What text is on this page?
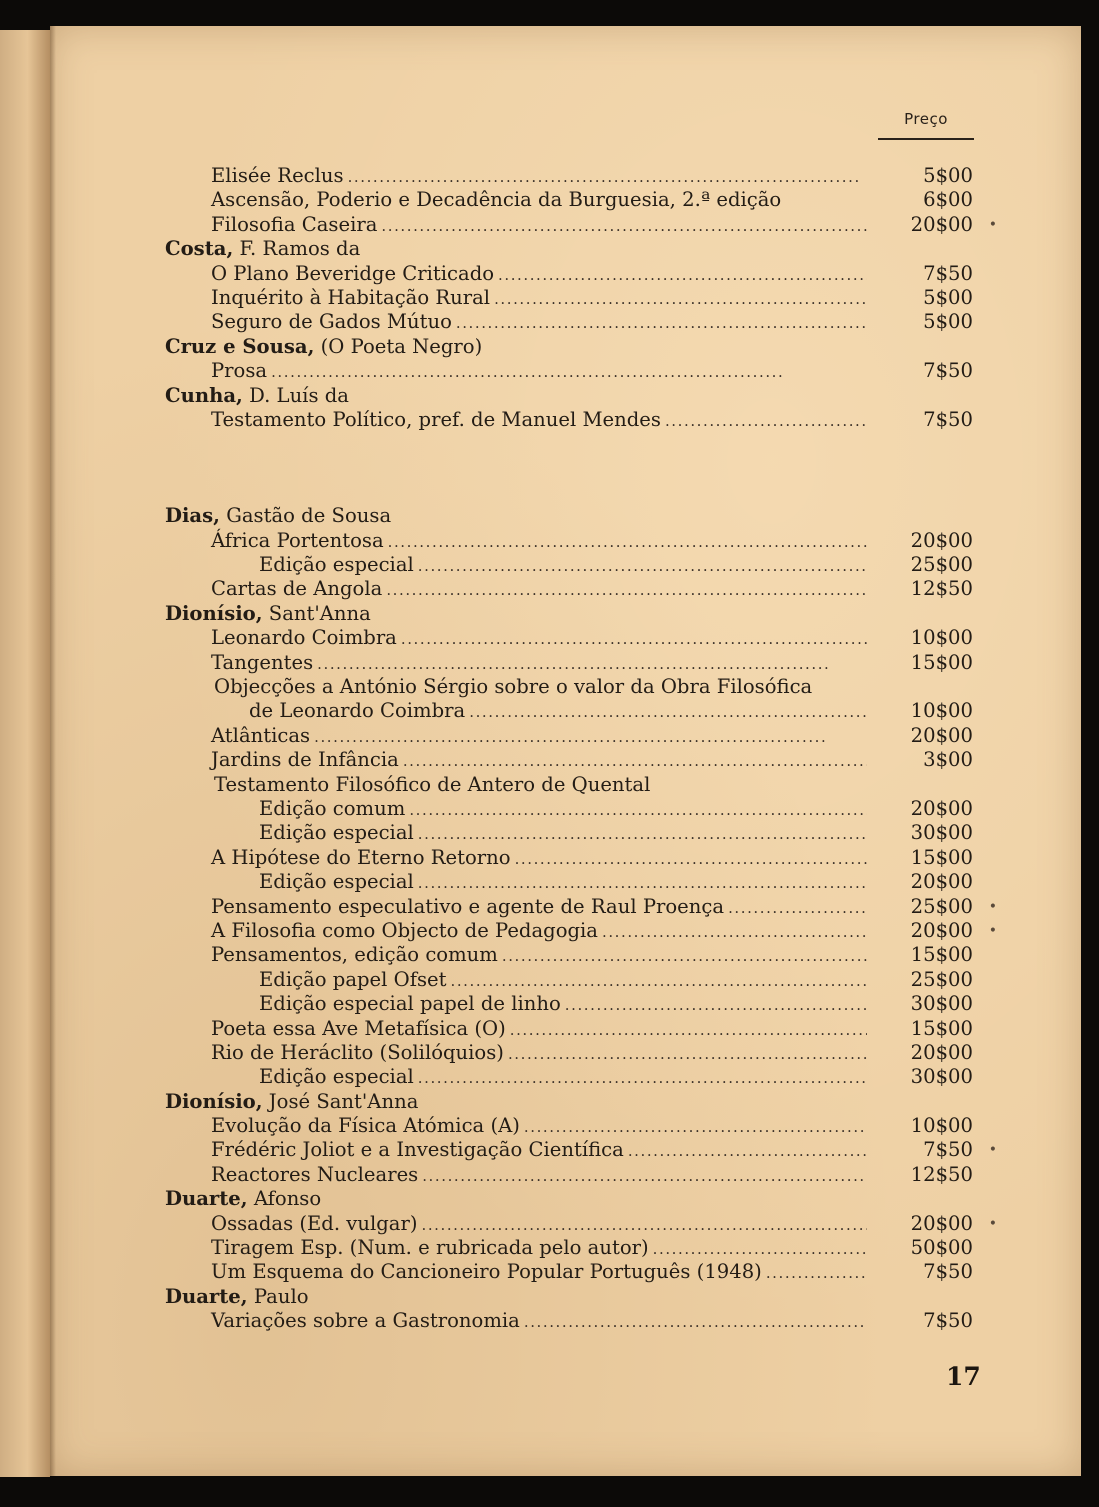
Preço
Elisée Reclus . . .	5$00
Ascensão, Poderio e Decadência da Burguesia, 2.ª edição	6$00
Filosofia Caseira . . .	20$00 •
Costa, F. Ramos da
O Plano Beveridge Criticado . . .	7$50
Inquérito à Habitação Rural . . .	5$00
Seguro de Gados Mútuo . . .	5$00
Cruz e Sousa, (O Poeta Negro)
Prosa . . .	7$50
Cunha, D. Luís da
Testamento Político, pref. de Manuel Mendes . . .	7$50
Dias, Gastão de Sousa
África Portentosa . . .	20$00
Edição especial . . .	25$00
Cartas de Angola . . .	12$50
Dionísio, Sant'Anna
Leonardo Coimbra . . .	10$00
Tangentes . . .	15$00
Objecções a António Sérgio sobre o valor da Obra Filosófica
de Leonardo Coimbra . . .	10$00
Atlânticas . . .	20$00
Jardins de Infância . . .	3$00
Testamento Filosófico de Antero de Quental
Edição comum . . .	20$00
Edição especial . . .	30$00
A Hipótese do Eterno Retorno . . .	15$00
Edição especial . . .	20$00
Pensamento especulativo e agente de Raul Proença . . .	25$00 •
A Filosofia como Objecto de Pedagogia . . .	20$00 •
Pensamentos, edição comum . . .	15$00
Edição papel Ofset . . .	25$00
Edição especial papel de linho . . .	30$00
Poeta essa Ave Metafísica (O) . . .	15$00
Rio de Heráclito (Solilóquios) . . .	20$00
Edição especial . . .	30$00
Dionísio, José Sant'Anna
Evolução da Física Atómica (A) . . .	10$00
Frédéric Joliot e a Investigação Científica . . .	7$50 •
Reactores Nucleares . . .	12$50
Duarte, Afonso
Ossadas (Ed. vulgar) . . .	20$00 •
Tiragem Esp. (Num. e rubricada pelo autor) . . .	50$00
Um Esquema do Cancioneiro Popular Português (1948) . . .	7$50
Duarte, Paulo
Variações sobre a Gastronomia . . .	7$50
17
